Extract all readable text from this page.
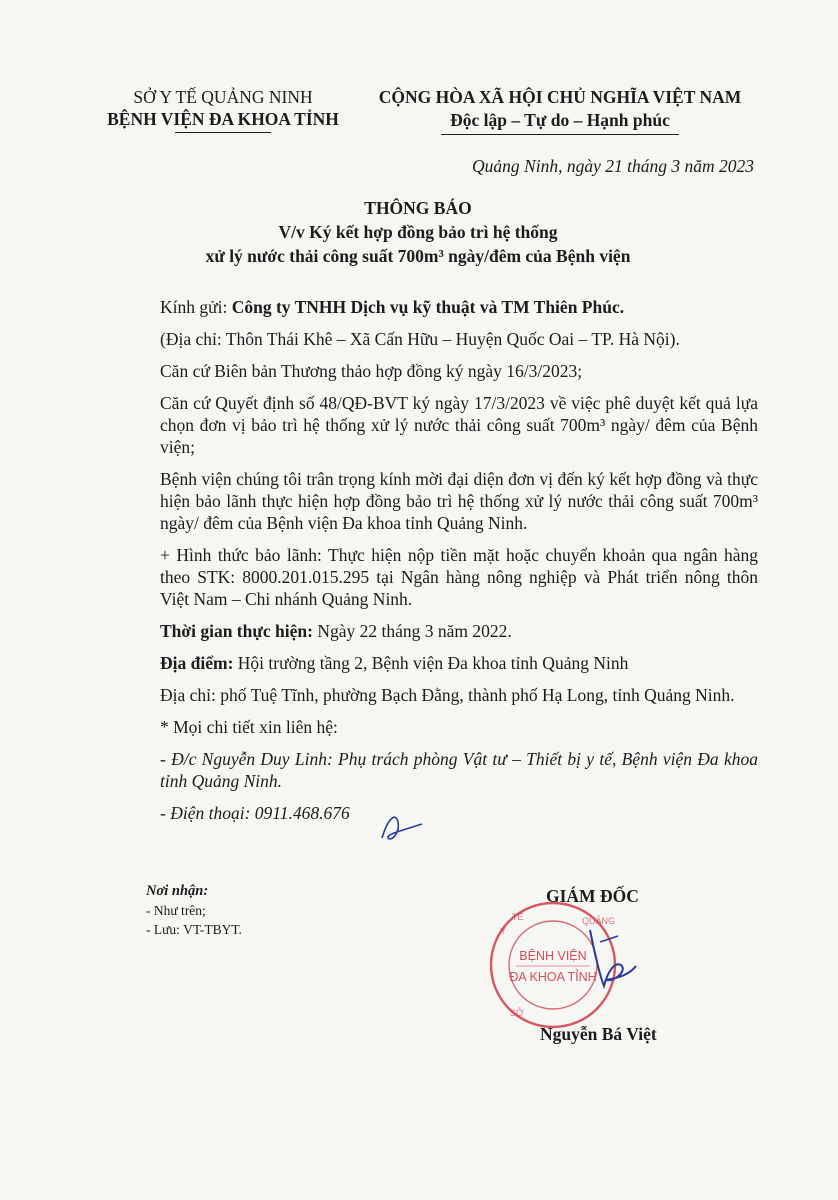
SỞ Y TẾ QUẢNG NINH
BỆNH VIỆN ĐA KHOA TỈNH
CỘNG HÒA XÃ HỘI CHỦ NGHĨA VIỆT NAM
Độc lập – Tự do – Hạnh phúc
Quảng Ninh, ngày 21 tháng 3 năm 2023
THÔNG BÁO
V/v Ký kết hợp đồng bảo trì hệ thống
xử lý nước thải công suất 700m³ ngày/đêm của Bệnh viện

Kính gửi: Công ty TNHH Dịch vụ kỹ thuật và TM Thiên Phúc.

(Địa chỉ: Thôn Thái Khê – Xã Cấn Hữu – Huyện Quốc Oai – TP. Hà Nội).

Căn cứ Biên bản Thương thảo hợp đồng ký ngày 16/3/2023;

Căn cứ Quyết định số 48/QĐ-BVT ký ngày 17/3/2023 về việc phê duyệt kết quả lựa chọn đơn vị bảo trì hệ thống xử lý nước thải công suất 700m³ ngày/ đêm của Bệnh viện;

Bệnh viện chúng tôi trân trọng kính mời đại diện đơn vị đến ký kết hợp đồng và thực hiện bảo lãnh thực hiện hợp đồng bảo trì hệ thống xử lý nước thải công suất 700m³ ngày/ đêm của Bệnh viện Đa khoa tỉnh Quảng Ninh.

+ Hình thức bảo lãnh: Thực hiện nộp tiền mặt hoặc chuyển khoản qua ngân hàng theo STK: 8000.201.015.295 tại Ngân hàng nông nghiệp và Phát triển nông thôn Việt Nam – Chi nhánh Quảng Ninh.

Thời gian thực hiện: Ngày 22 tháng 3 năm 2022.

Địa điểm: Hội trường tầng 2, Bệnh viện Đa khoa tỉnh Quảng Ninh

Địa chỉ: phố Tuệ Tĩnh, phường Bạch Đằng, thành phố Hạ Long, tỉnh Quảng Ninh.

* Mọi chi tiết xin liên hệ:

- Đ/c Nguyễn Duy Linh: Phụ trách phòng Vật tư – Thiết bị y tế, Bệnh viện Đa khoa tỉnh Quảng Ninh.

- Điện thoại: 0911.468.676

Nơi nhận:
- Như trên;
- Lưu: VT-TBYT.
BỆNH VIỆN
ĐA KHOA TỈNH
Y
TẾ	QUẢNG
SỞ
GIÁM ĐỐC
Nguyễn Bá Việt
